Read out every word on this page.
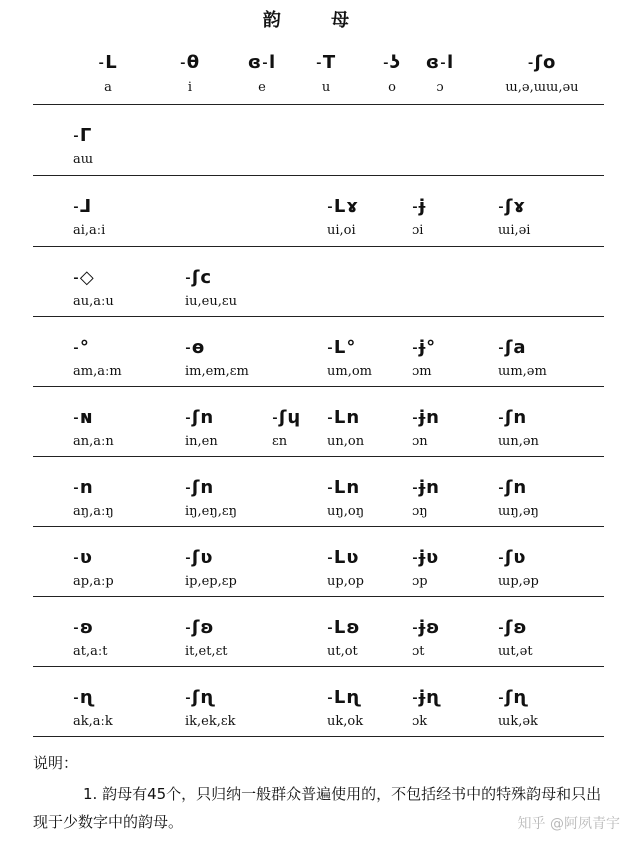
韵 母
˗L
a
˗θ
i
ɞ˗l
e
˗T
u
˗ʖ
o
ɞ˗l
ɔ
˗ʃo
ɯ,ə,ɯɯ,əu
˗Γ
aɯ
˗ᒧ
ai,aːi
˗Lɤ
ui,oi
˗ɉ
ɔi
˗ʃɤ
ɯi,əi
˗◇
au,aːu
˗ʃc
iu,eu,ɛu
˗°
am,aːm
˗ɵ
im,em,ɛm
˗L°
um,om
˗ɉ°
ɔm
˗ʃa
ɯm,əm
˗ɴ
an,aːn
˗ʃn
in,en
˗ʃɥ
ɛn
˗Ln
un,on
˗ɉn
ɔn
˗ʃn
ɯn,ən
˗n
aŋ,aːŋ
˗ʃn
iŋ,eŋ,ɛŋ
˗Ln
uŋ,oŋ
˗ɉn
ɔŋ
˗ʃn
ɯŋ,əŋ
˗ʋ
ap,aːp
˗ʃʋ
ip,ep,ɛp
˗Lʋ
up,op
˗ɉʋ
ɔp
˗ʃʋ
ɯp,əp
˗ʚ
at,aːt
˗ʃʚ
it,et,ɛt
˗Lʚ
ut,ot
˗ɉʚ
ɔt
˗ʃʚ
ɯt,ət
˗ɳ
ak,aːk
˗ʃɳ
ik,ek,ɛk
˗Lɳ
uk,ok
˗ɉɳ
ɔk
˗ʃɳ
ɯk,ək
说明：
1. 韵母有45个，只归纳一般群众普遍使用的，不包括经书中的特殊韵母和只出现于少数字中的韵母。	知乎 @阿夙青宇
